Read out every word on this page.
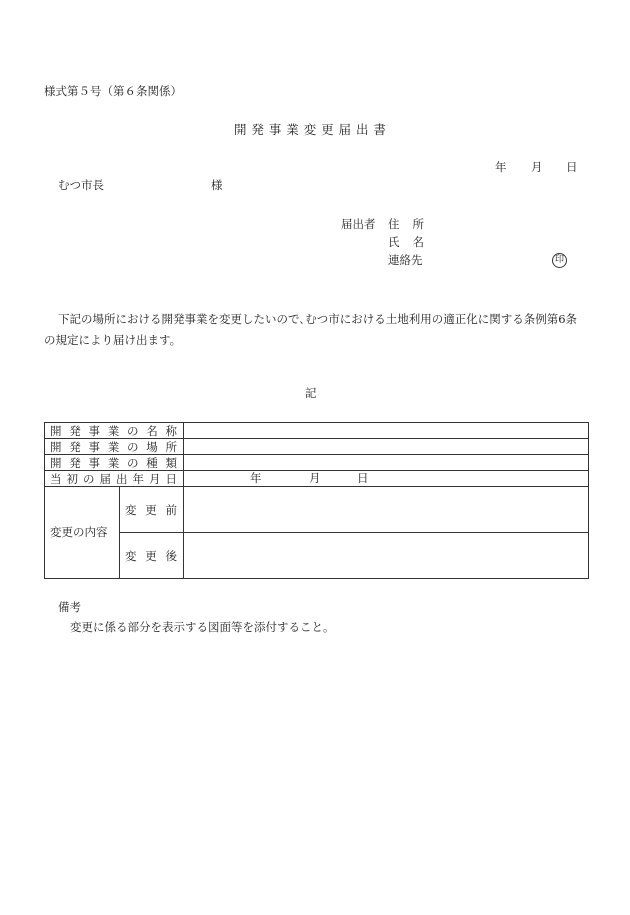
様式第５号（第６条関係）
開 発 事 業 変 更 届 出 書
年 月 日
むつ市長	様
届出者 住 所
氏 名
連絡先	印
下記の場所における開発事業を変更したいので､むつ市における土地利用の適正化に関する条例第6条の規定により届け出ます。
記
開 発 事 業 の 名 称
開 発 事 業 の 場 所
開 発 事 業 の 種 類
当 初 の 届 出 年 月 日	年	月	日
変更の内容
変 更 前
変 更 後
備考
変更に係る部分を表示する図面等を添付すること。
